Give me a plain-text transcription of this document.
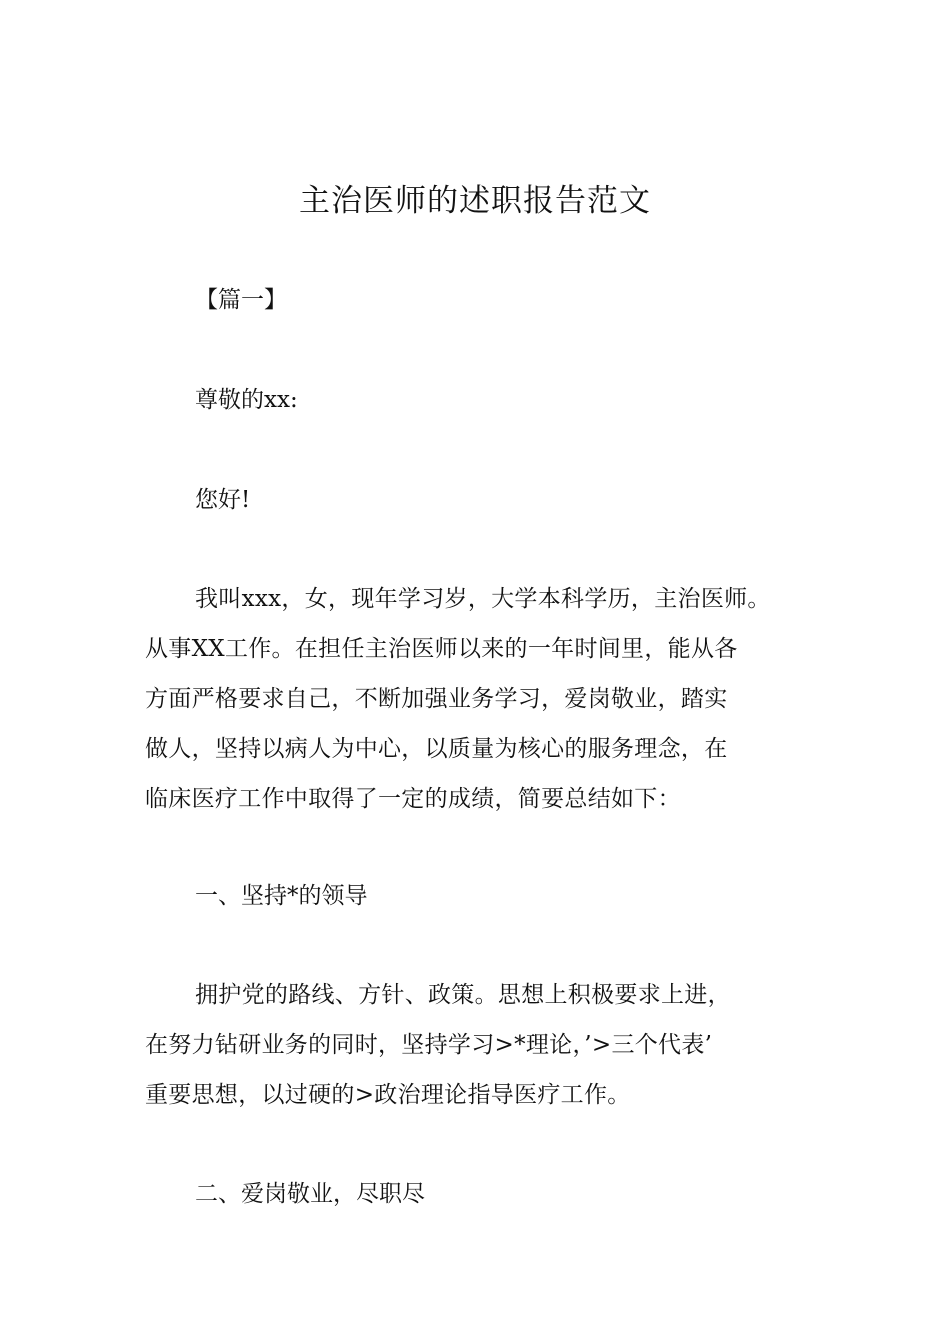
主治医师的述职报告范文

【篇一】

尊敬的xx:

您好!

我叫xxx，女，现年学习岁，大学本科学历，主治医师。
从事XX工作。在担任主治医师以来的一年时间里，能从各
方面严格要求自己，不断加强业务学习，爱岗敬业，踏实
做人，坚持以病人为中心，以质量为核心的服务理念，在
临床医疗工作中取得了一定的成绩，简要总结如下：

一、坚持*的领导

拥护党的路线、方针、政策。思想上积极要求上进，
在努力钻研业务的同时，坚持学习>*理论，’>三个代表’
重要思想，以过硬的>政治理论指导医疗工作。

二、爱岗敬业，尽职尽
